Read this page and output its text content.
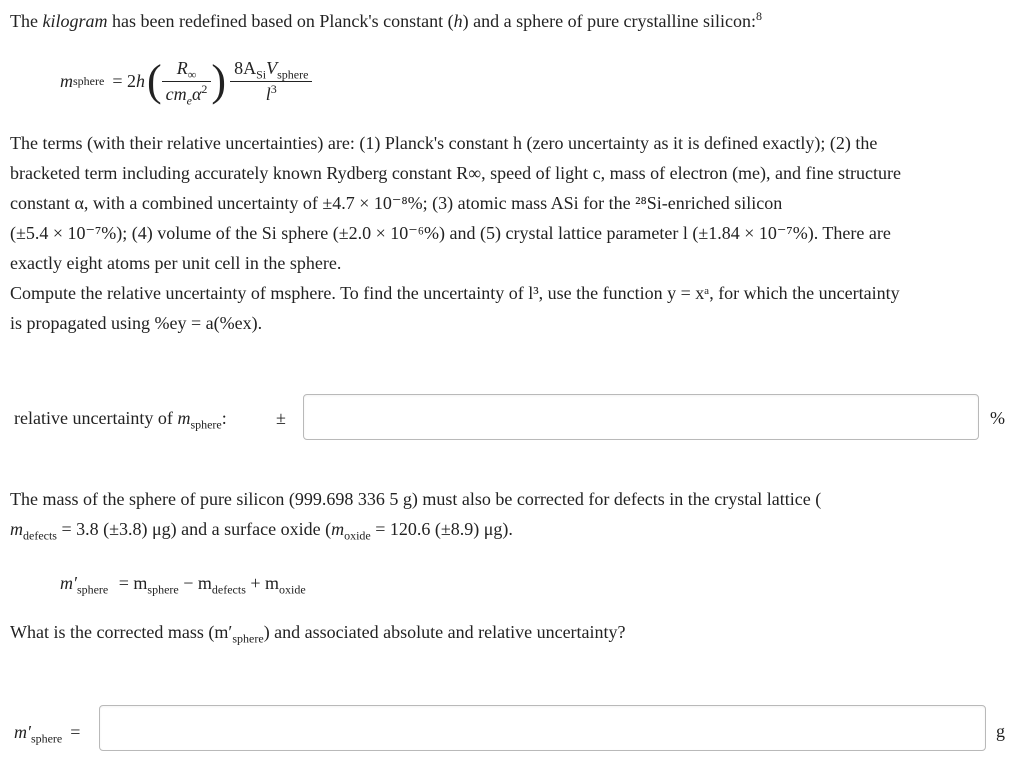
The kilogram has been redefined based on Planck's constant (h) and a sphere of pure crystalline silicon:$^8$
m sphere = 2 h ( $\frac{R_\infty}{cm_e\alpha^2}$ ) $\frac{8A_{Si}V_{sphere}}{l^3}$
The terms (with their relative uncertainties) are: (1) Planck's constant h (zero uncertainty as it is defined exactly); (2) the
bracketed term including accurately known Rydberg constant R∞, speed of light c, mass of electron (me), and fine structure
constant α, with a combined uncertainty of ±4.7 × 10⁻⁸%; (3) atomic mass ASi for the ²⁸Si-enriched silicon
(±5.4 × 10⁻⁷%); (4) volume of the Si sphere (±2.0 × 10⁻⁶%) and (5) crystal lattice parameter l (±1.84 × 10⁻⁷%). There are
exactly eight atoms per unit cell in the sphere.
Compute the relative uncertainty of msphere. To find the uncertainty of l³, use the function y = xᵃ, for which the uncertainty
is propagated using %ey = a(%ex).
relative uncertainty of $m_{sphere}$:	±	%
The mass of the sphere of pure silicon (999.698 336 5 g) must also be corrected for defects in the crystal lattice (
$m_{defects} = 3.8$ (±3.8) μg) and a surface oxide ($m_{oxide} = 120.6$ (±8.9) μg).
$m'_{sphere} = m_{sphere} - m_{defects} + m_{oxide}$
What is the corrected mass $(m'_{sphere})$ and associated absolute and relative uncertainty?
$m'_{sphere}$ =	g
